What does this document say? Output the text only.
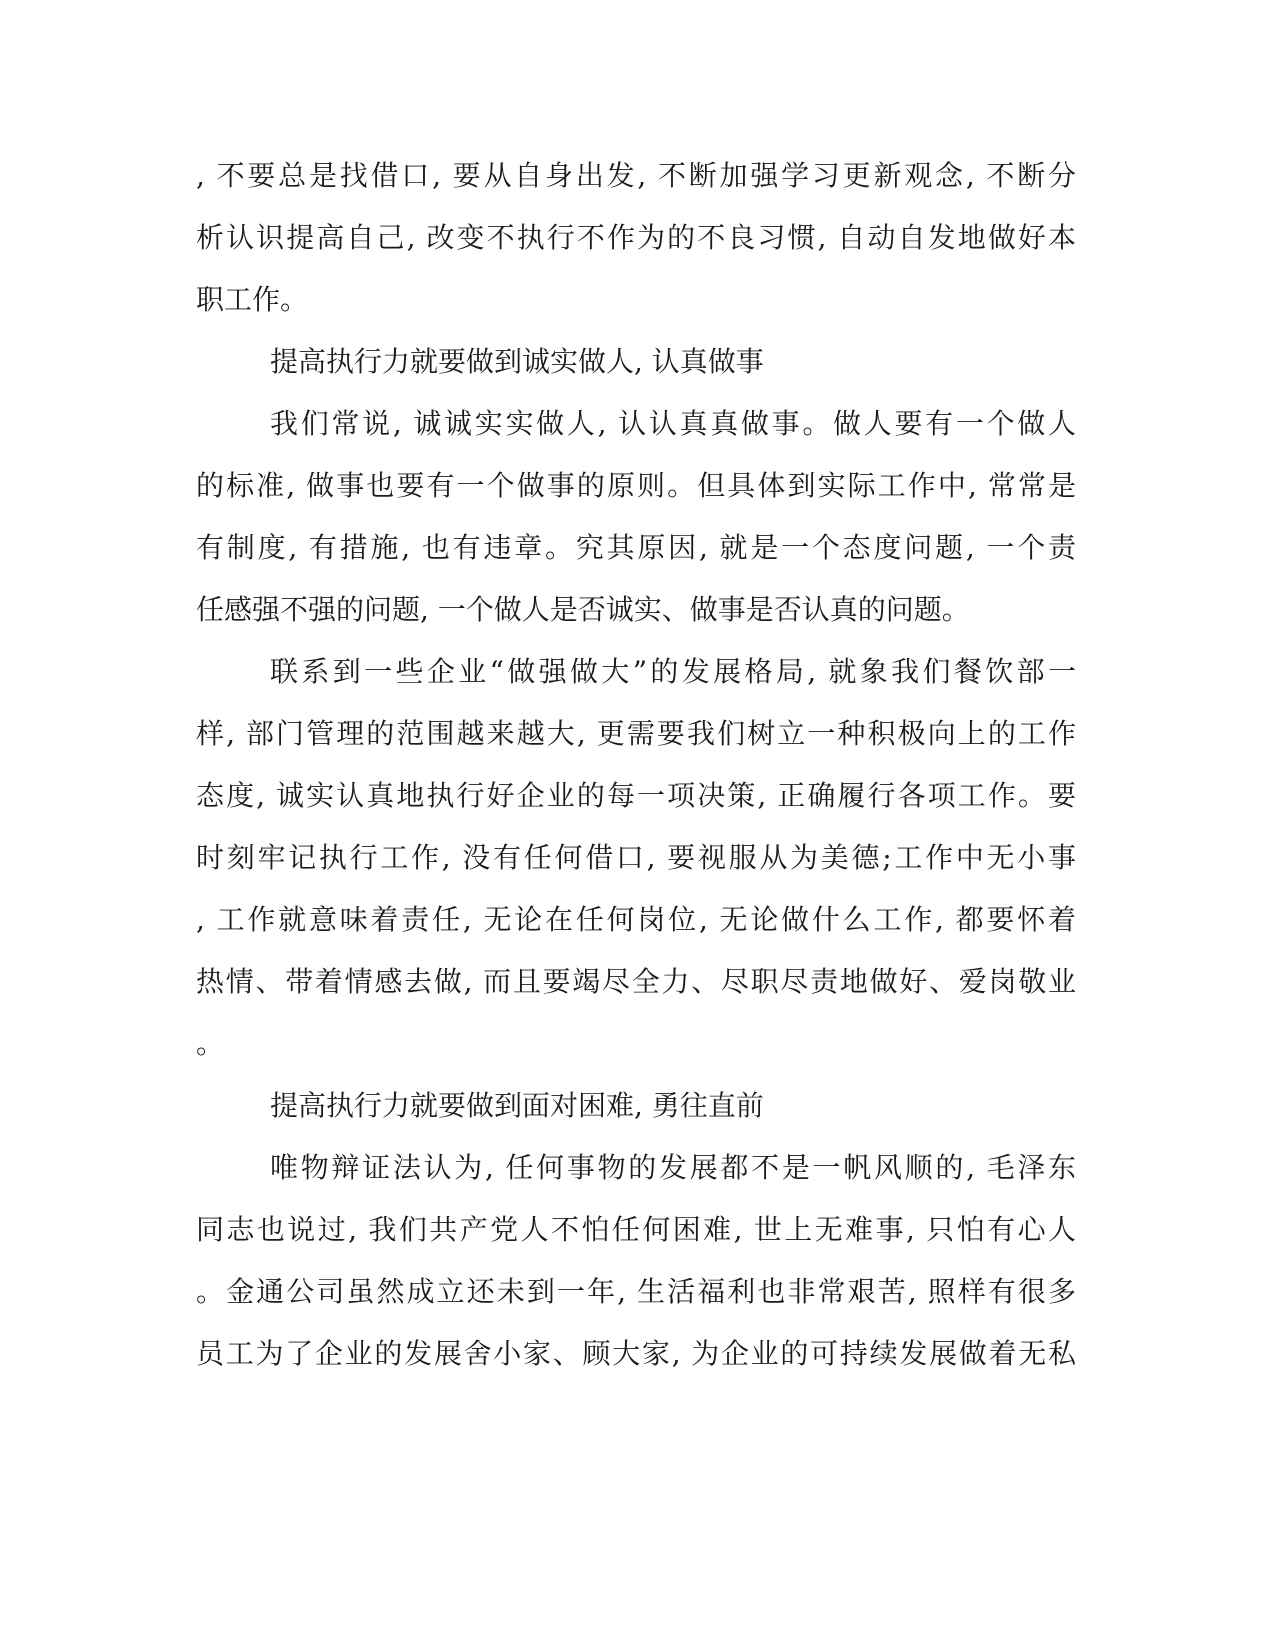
, 不要总是找借口, 要从自身出发, 不断加强学习更新观念, 不断分
析认识提高自己, 改变不执行不作为的不良习惯, 自动自发地做好本
职工作。
提高执行力就要做到诚实做人, 认真做事
我们常说, 诚诚实实做人, 认认真真做事。做人要有一个做人
的标准, 做事也要有一个做事的原则。但具体到实际工作中, 常常是
有制度, 有措施, 也有违章。究其原因, 就是一个态度问题, 一个责
任感强不强的问题, 一个做人是否诚实、做事是否认真的问题。
联系到一些企业“做强做大”的发展格局, 就象我们餐饮部一
样, 部门管理的范围越来越大, 更需要我们树立一种积极向上的工作
态度, 诚实认真地执行好企业的每一项决策, 正确履行各项工作。要
时刻牢记执行工作, 没有任何借口, 要视服从为美德;工作中无小事
, 工作就意味着责任, 无论在任何岗位, 无论做什么工作, 都要怀着
热情、带着情感去做, 而且要竭尽全力、尽职尽责地做好、爱岗敬业
。
提高执行力就要做到面对困难, 勇往直前
唯物辩证法认为, 任何事物的发展都不是一帆风顺的, 毛泽东
同志也说过, 我们共产党人不怕任何困难, 世上无难事, 只怕有心人
。金通公司虽然成立还未到一年, 生活福利也非常艰苦, 照样有很多
员工为了企业的发展舍小家、顾大家, 为企业的可持续发展做着无私
